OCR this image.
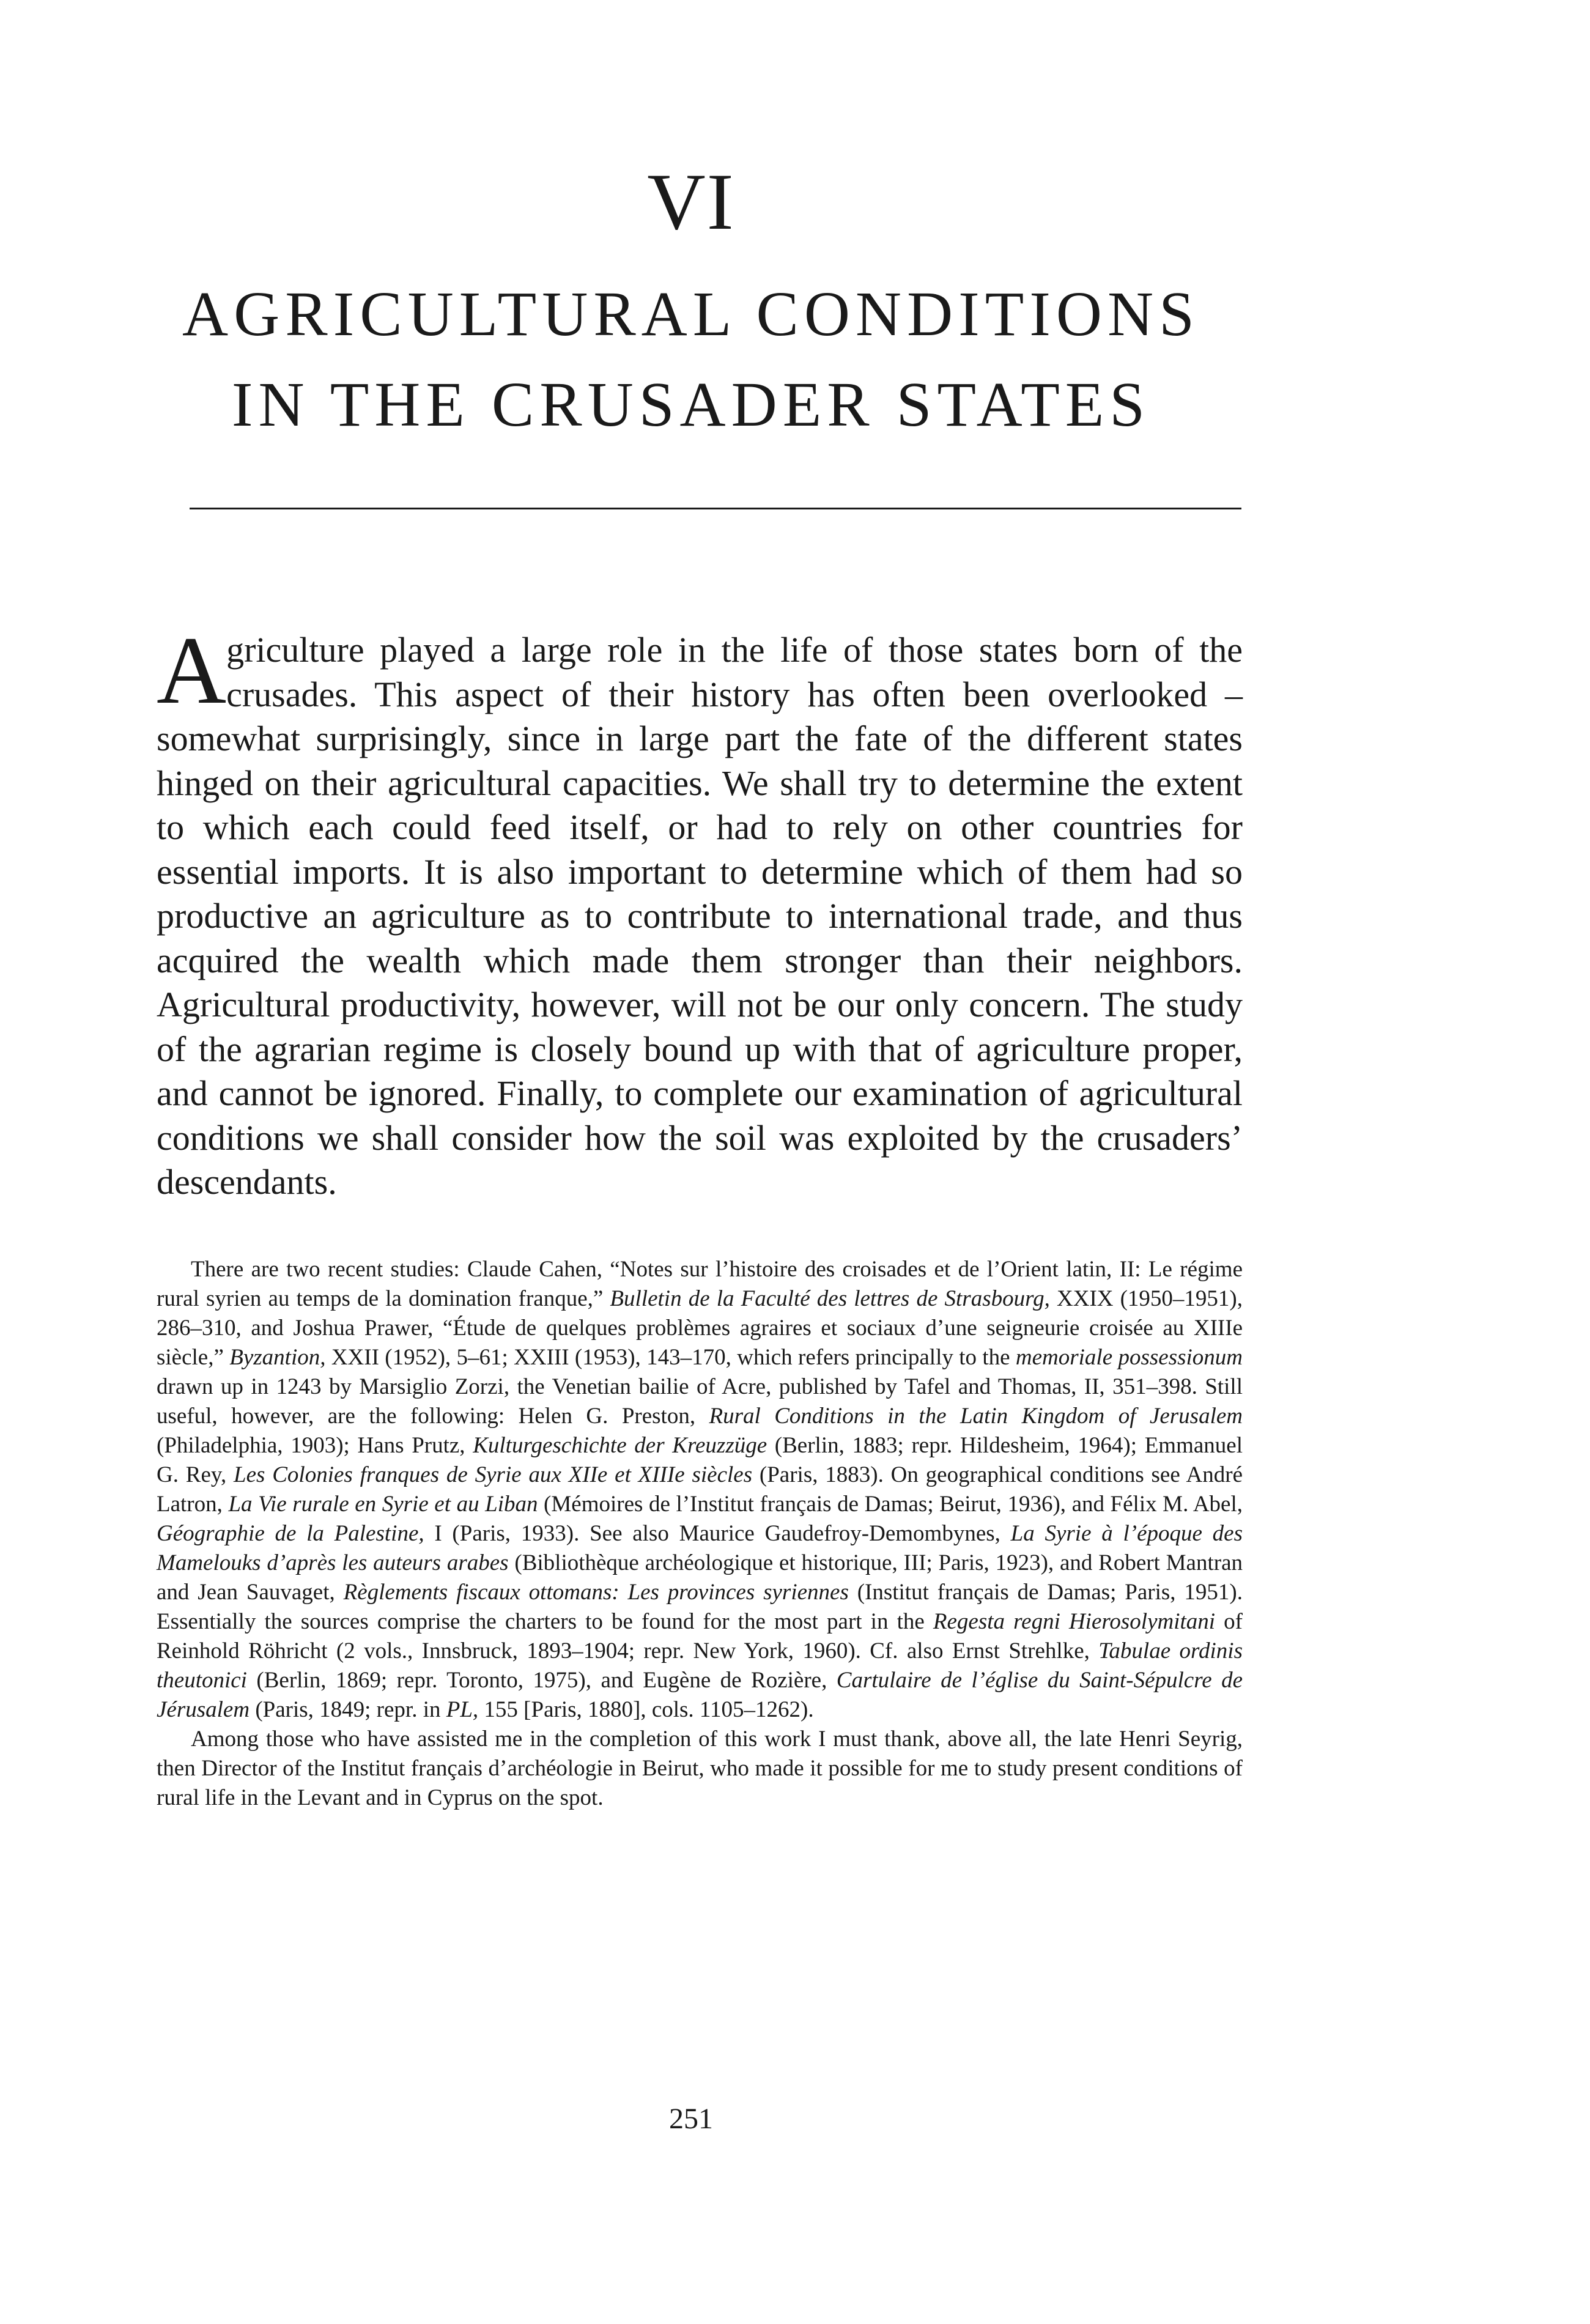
VI
AGRICULTURAL CONDITIONS
IN THE CRUSADER STATES

Agriculture played a large role in the life of those states born of the crusades. This aspect of their history has often been overlooked – somewhat surprisingly, since in large part the fate of the different states hinged on their agricultural capacities. We shall try to determine the extent to which each could feed itself, or had to rely on other countries for essential imports. It is also important to determine which of them had so productive an agriculture as to contribute to international trade, and thus acquired the wealth which made them stronger than their neighbors. Agricultural productivity, however, will not be our only concern. The study of the agrarian regime is closely bound up with that of agriculture proper, and cannot be ignored. Finally, to complete our examination of agricultural conditions we shall consider how the soil was exploited by the crusaders’ descendants.

There are two recent studies: Claude Cahen, “Notes sur l’histoire des croisades et de l’Orient latin, II: Le régime rural syrien au temps de la domination franque,” Bulletin de la Faculté des lettres de Strasbourg, XXIX (1950–1951), 286–310, and Joshua Prawer, “Étude de quelques problèmes agraires et sociaux d’une seigneurie croisée au XIIIe siècle,” Byzantion, XXII (1952), 5–61; XXIII (1953), 143–170, which refers principally to the memoriale possessionum drawn up in 1243 by Marsiglio Zorzi, the Venetian bailie of Acre, published by Tafel and Thomas, II, 351–398. Still useful, however, are the following: Helen G. Preston, Rural Conditions in the Latin Kingdom of Jerusalem (Philadelphia, 1903); Hans Prutz, Kulturgeschichte der Kreuzzüge (Berlin, 1883; repr. Hildesheim, 1964); Emmanuel G. Rey, Les Colonies franques de Syrie aux XIIe et XIIIe siècles (Paris, 1883). On geographical conditions see André Latron, La Vie rurale en Syrie et au Liban (Mémoires de l’Institut français de Damas; Beirut, 1936), and Félix M. Abel, Géographie de la Palestine, I (Paris, 1933). See also Maurice Gaudefroy-Demombynes, La Syrie à l’époque des Mamelouks d’après les auteurs arabes (Bibliothèque archéologique et historique, III; Paris, 1923), and Robert Mantran and Jean Sauvaget, Règlements fiscaux ottomans: Les provinces syriennes (Institut français de Damas; Paris, 1951). Essentially the sources comprise the charters to be found for the most part in the Regesta regni Hierosolymitani of Reinhold Röhricht (2 vols., Innsbruck, 1893–1904; repr. New York, 1960). Cf. also Ernst Strehlke, Tabulae ordinis theutonici (Berlin, 1869; repr. Toronto, 1975), and Eugène de Rozière, Cartulaire de l’église du Saint-Sépulcre de Jérusalem (Paris, 1849; repr. in PL, 155 [Paris, 1880], cols. 1105–1262).

Among those who have assisted me in the completion of this work I must thank, above all, the late Henri Seyrig, then Director of the Institut français d’archéologie in Beirut, who made it possible for me to study present conditions of rural life in the Levant and in Cyprus on the spot.

251
